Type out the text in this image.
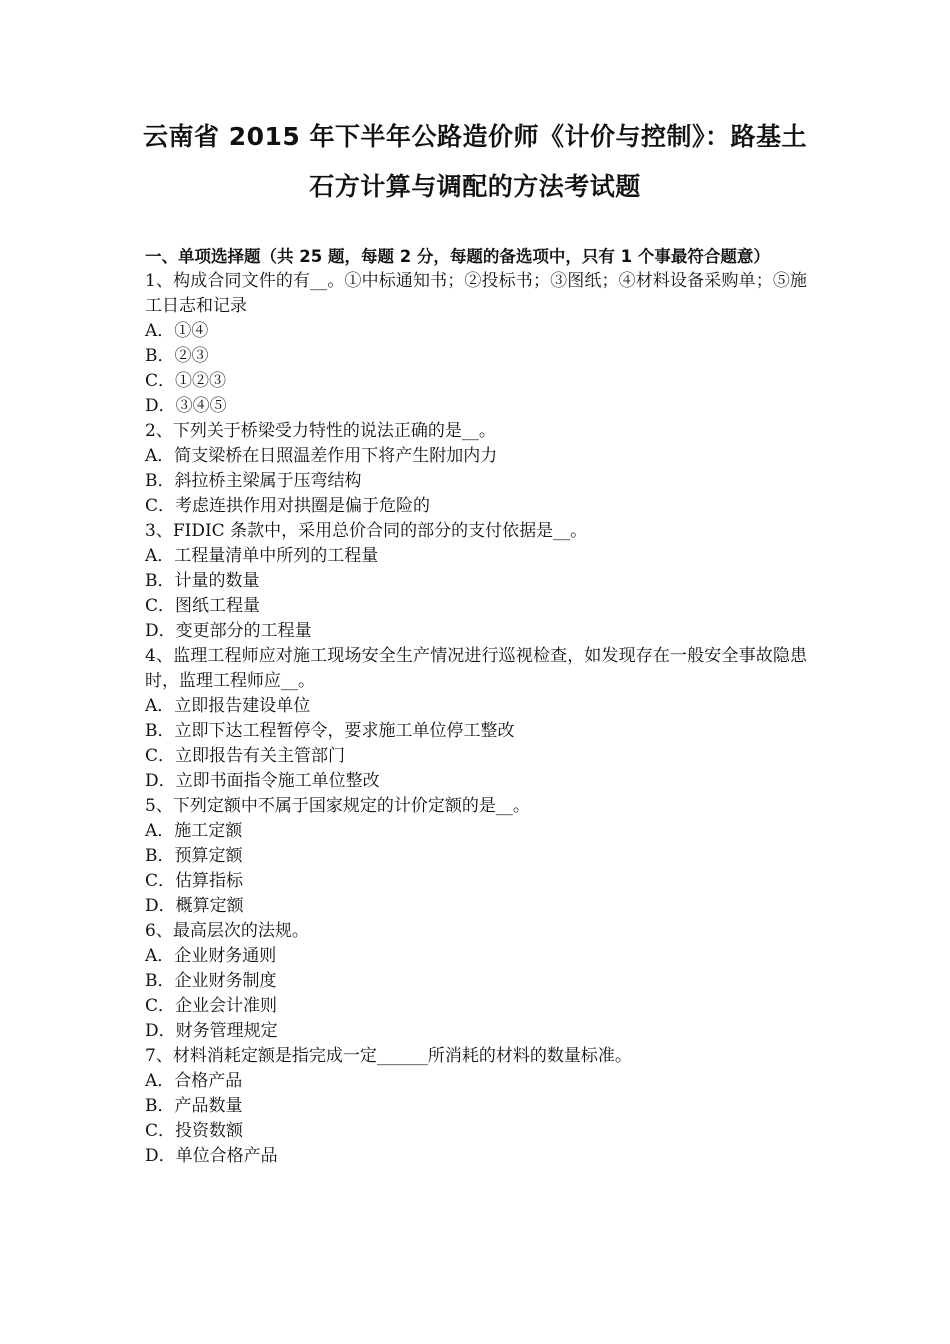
云南省 2015 年下半年公路造价师《计价与控制》：路基土
石方计算与调配的方法考试题
一、单项选择题（共 25 题，每题 2 分，每题的备选项中，只有 1 个事最符合题意）
1、构成合同文件的有__。①中标通知书；②投标书；③图纸；④材料设备采购单；⑤施工日志和记录
A．①④
B．②③
C．①②③
D．③④⑤
2、下列关于桥梁受力特性的说法正确的是__。
A．简支梁桥在日照温差作用下将产生附加内力
B．斜拉桥主梁属于压弯结构
C．考虑连拱作用对拱圈是偏于危险的
3、FIDIC 条款中，采用总价合同的部分的支付依据是__。
A．工程量清单中所列的工程量
B．计量的数量
C．图纸工程量
D．变更部分的工程量
4、监理工程师应对施工现场安全生产情况进行巡视检查，如发现存在一般安全事故隐患时，监理工程师应__。
A．立即报告建设单位
B．立即下达工程暂停令，要求施工单位停工整改
C．立即报告有关主管部门
D．立即书面指令施工单位整改
5、下列定额中不属于国家规定的计价定额的是__。
A．施工定额
B．预算定额
C．估算指标
D．概算定额
6、最高层次的法规。
A．企业财务通则
B．企业财务制度
C．企业会计准则
D．财务管理规定
7、材料消耗定额是指完成一定______所消耗的材料的数量标准。
A．合格产品
B．产品数量
C．投资数额
D．单位合格产品
